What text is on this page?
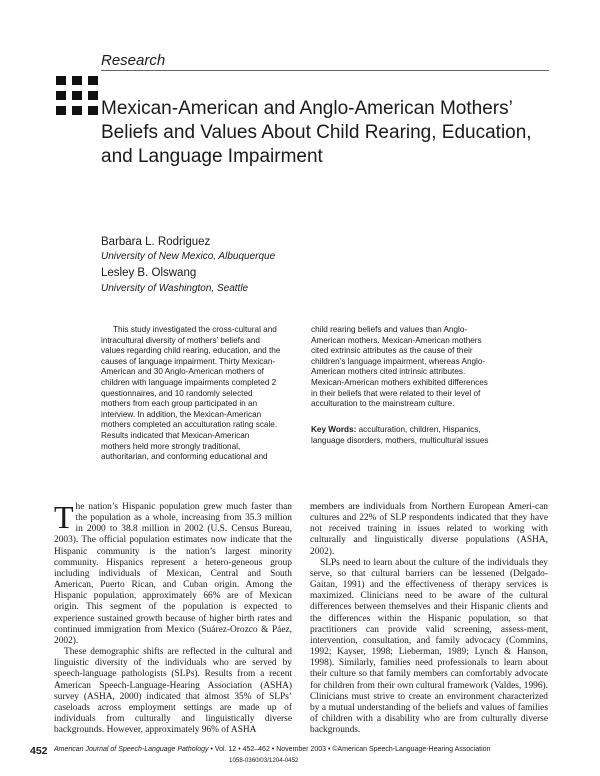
Research
Mexican-American and Anglo-American Mothers’ Beliefs and Values About Child Rearing, Education, and Language Impairment
Barbara L. Rodriguez
University of New Mexico, Albuquerque
Lesley B. Olswang
University of Washington, Seattle
This study investigated the cross-cultural and intracultural diversity of mothers’ beliefs and values regarding child rearing, education, and the causes of language impairment. Thirty Mexican-American and 30 Anglo-American mothers of children with language impairments completed 2 questionnaires, and 10 randomly selected mothers from each group participated in an interview. In addition, the Mexican-American mothers completed an acculturation rating scale. Results indicated that Mexican-American mothers held more strongly traditional, authoritarian, and conforming educational and
child rearing beliefs and values than Anglo-American mothers. Mexican-American mothers cited extrinsic attributes as the cause of their children’s language impairment, whereas Anglo-American mothers cited intrinsic attributes. Mexican-American mothers exhibited differences in their beliefs that were related to their level of acculturation to the mainstream culture.
Key Words: acculturation, children, Hispanics, language disorders, mothers, multicultural issues

The nation’s Hispanic population grew much faster than the population as a whole, increasing from 35.3 million in 2000 to 38.8 million in 2002 (U.S. Census Bureau, 2003). The official population estimates now indicate that the Hispanic community is the nation’s largest minority community. Hispanics represent a hetero-geneous group including individuals of Mexican, Central and South American, Puerto Rican, and Cuban origin. Among the Hispanic population, approximately 66% are of Mexican origin. This segment of the population is expected to experience sustained growth because of higher birth rates and continued immigration from Mexico (Suárez-Orozco & Páez, 2002).

These demographic shifts are reflected in the cultural and linguistic diversity of the individuals who are served by speech-language pathologists (SLPs). Results from a recent American Speech-Language-Hearing Association (ASHA) survey (ASHA, 2000) indicated that almost 35% of SLPs’ caseloads across employment settings are made up of individuals from culturally and linguistically diverse backgrounds. However, approximately 96% of ASHA

members are individuals from Northern European Ameri-can cultures and 22% of SLP respondents indicated that they have not received training in issues related to working with culturally and linguistically diverse populations (ASHA, 2002).

SLPs need to learn about the culture of the individuals they serve, so that cultural barriers can be lessened (Delgado-Gaitan, 1991) and the effectiveness of therapy services is maximized. Clinicians need to be aware of the cultural differences between themselves and their Hispanic clients and the differences within the Hispanic population, so that practitioners can provide valid screening, assess-ment, intervention, consultation, and family advocacy (Commins, 1992; Kayser, 1998; Lieberman, 1989; Lynch & Hanson, 1998). Similarly, families need professionals to learn about their culture so that family members can comfortably advocate for children from their own cultural framework (Valdes, 1996). Clinicians must strive to create an environment characterized by a mutual understanding of the beliefs and values of families of children with a disability who are from culturally diverse backgrounds.

452 American Journal of Speech-Language Pathology • Vol. 12 • 452–462 • November 2003 • ©American Speech-Language-Hearing Association
1058-0360/03/1204-0452
